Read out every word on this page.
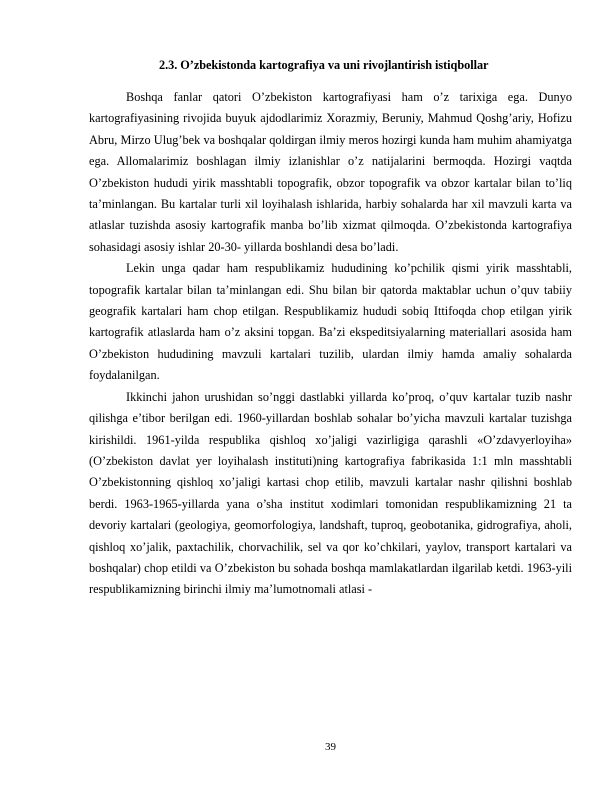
2.3. O’zbekistonda kartografiya va uni rivojlantirish istiqbollar

Boshqa fanlar qatori O’zbekiston kartografiyasi ham o’z tarixiga ega. Dunyo kartografiyasining rivojida buyuk ajdodlarimiz Xorazmiy, Beruniy, Mahmud Qoshg’ariy, Hofizu Abru, Mirzo Ulug’bek va boshqalar qoldirgan ilmiy meros hozirgi kunda ham muhim ahamiyatga ega. Allomalarimiz boshlagan ilmiy izlanishlar o’z natijalarini bermoqda. Hozirgi vaqtda O’zbekiston hududi yirik masshtabli topografik, obzor topografik va obzor kartalar bilan to’liq ta’minlangan. Bu kartalar turli xil loyihalash ishlarida, harbiy sohalarda har xil mavzuli karta va atlaslar tuzishda asosiy kartografik manba bo’lib xizmat qilmoqda. O’zbekistonda kartografiya sohasidagi asosiy ishlar 20-30- yillarda boshlandi desa bo’ladi.

Lekin unga qadar ham respublikamiz hududining ko’pchilik qismi yirik masshtabli, topografik kartalar bilan ta’minlangan edi. Shu bilan bir qatorda maktablar uchun o’quv tabiiy geografik kartalari ham chop etilgan. Respublikamiz hududi sobiq Ittifoqda chop etilgan yirik kartografik atlaslarda ham o’z aksini topgan. Ba’zi ekspeditsiyalarning materiallari asosida ham O’zbekiston hududining mavzuli kartalari tuzilib, ulardan ilmiy hamda amaliy sohalarda foydalanilgan.

Ikkinchi jahon urushidan so’nggi dastlabki yillarda ko’proq, o’quv kartalar tuzib nashr qilishga e’tibor berilgan edi. 1960-yillardan boshlab sohalar bo’yicha mavzuli kartalar tuzishga kirishildi. 1961-yilda respublika qishloq xo’jaligi vazirligiga qarashli «O’zdavyerloyiha» (O’zbekiston davlat yer loyihalash instituti)ning kartografiya fabrikasida 1:1 mln masshtabli O’zbekistonning qishloq xo’jaligi kartasi chop etilib, mavzuli kartalar nashr qilishni boshlab berdi. 1963-1965-yillarda yana o’sha institut xodimlari tomonidan respublikamizning 21 ta devoriy kartalari (geologiya, geomorfologiya, landshaft, tuproq, geobotanika, gidrografiya, aholi, qishloq xo’jalik, paxtachilik, chorvachilik, sel va qor ko’chkilari, yaylov, transport kartalari va boshqalar) chop etildi va O’zbekiston bu sohada boshqa mamlakatlardan ilgarilab ketdi. 1963-yili respublikamizning birinchi ilmiy ma’lumotnomali atlasi -

39
